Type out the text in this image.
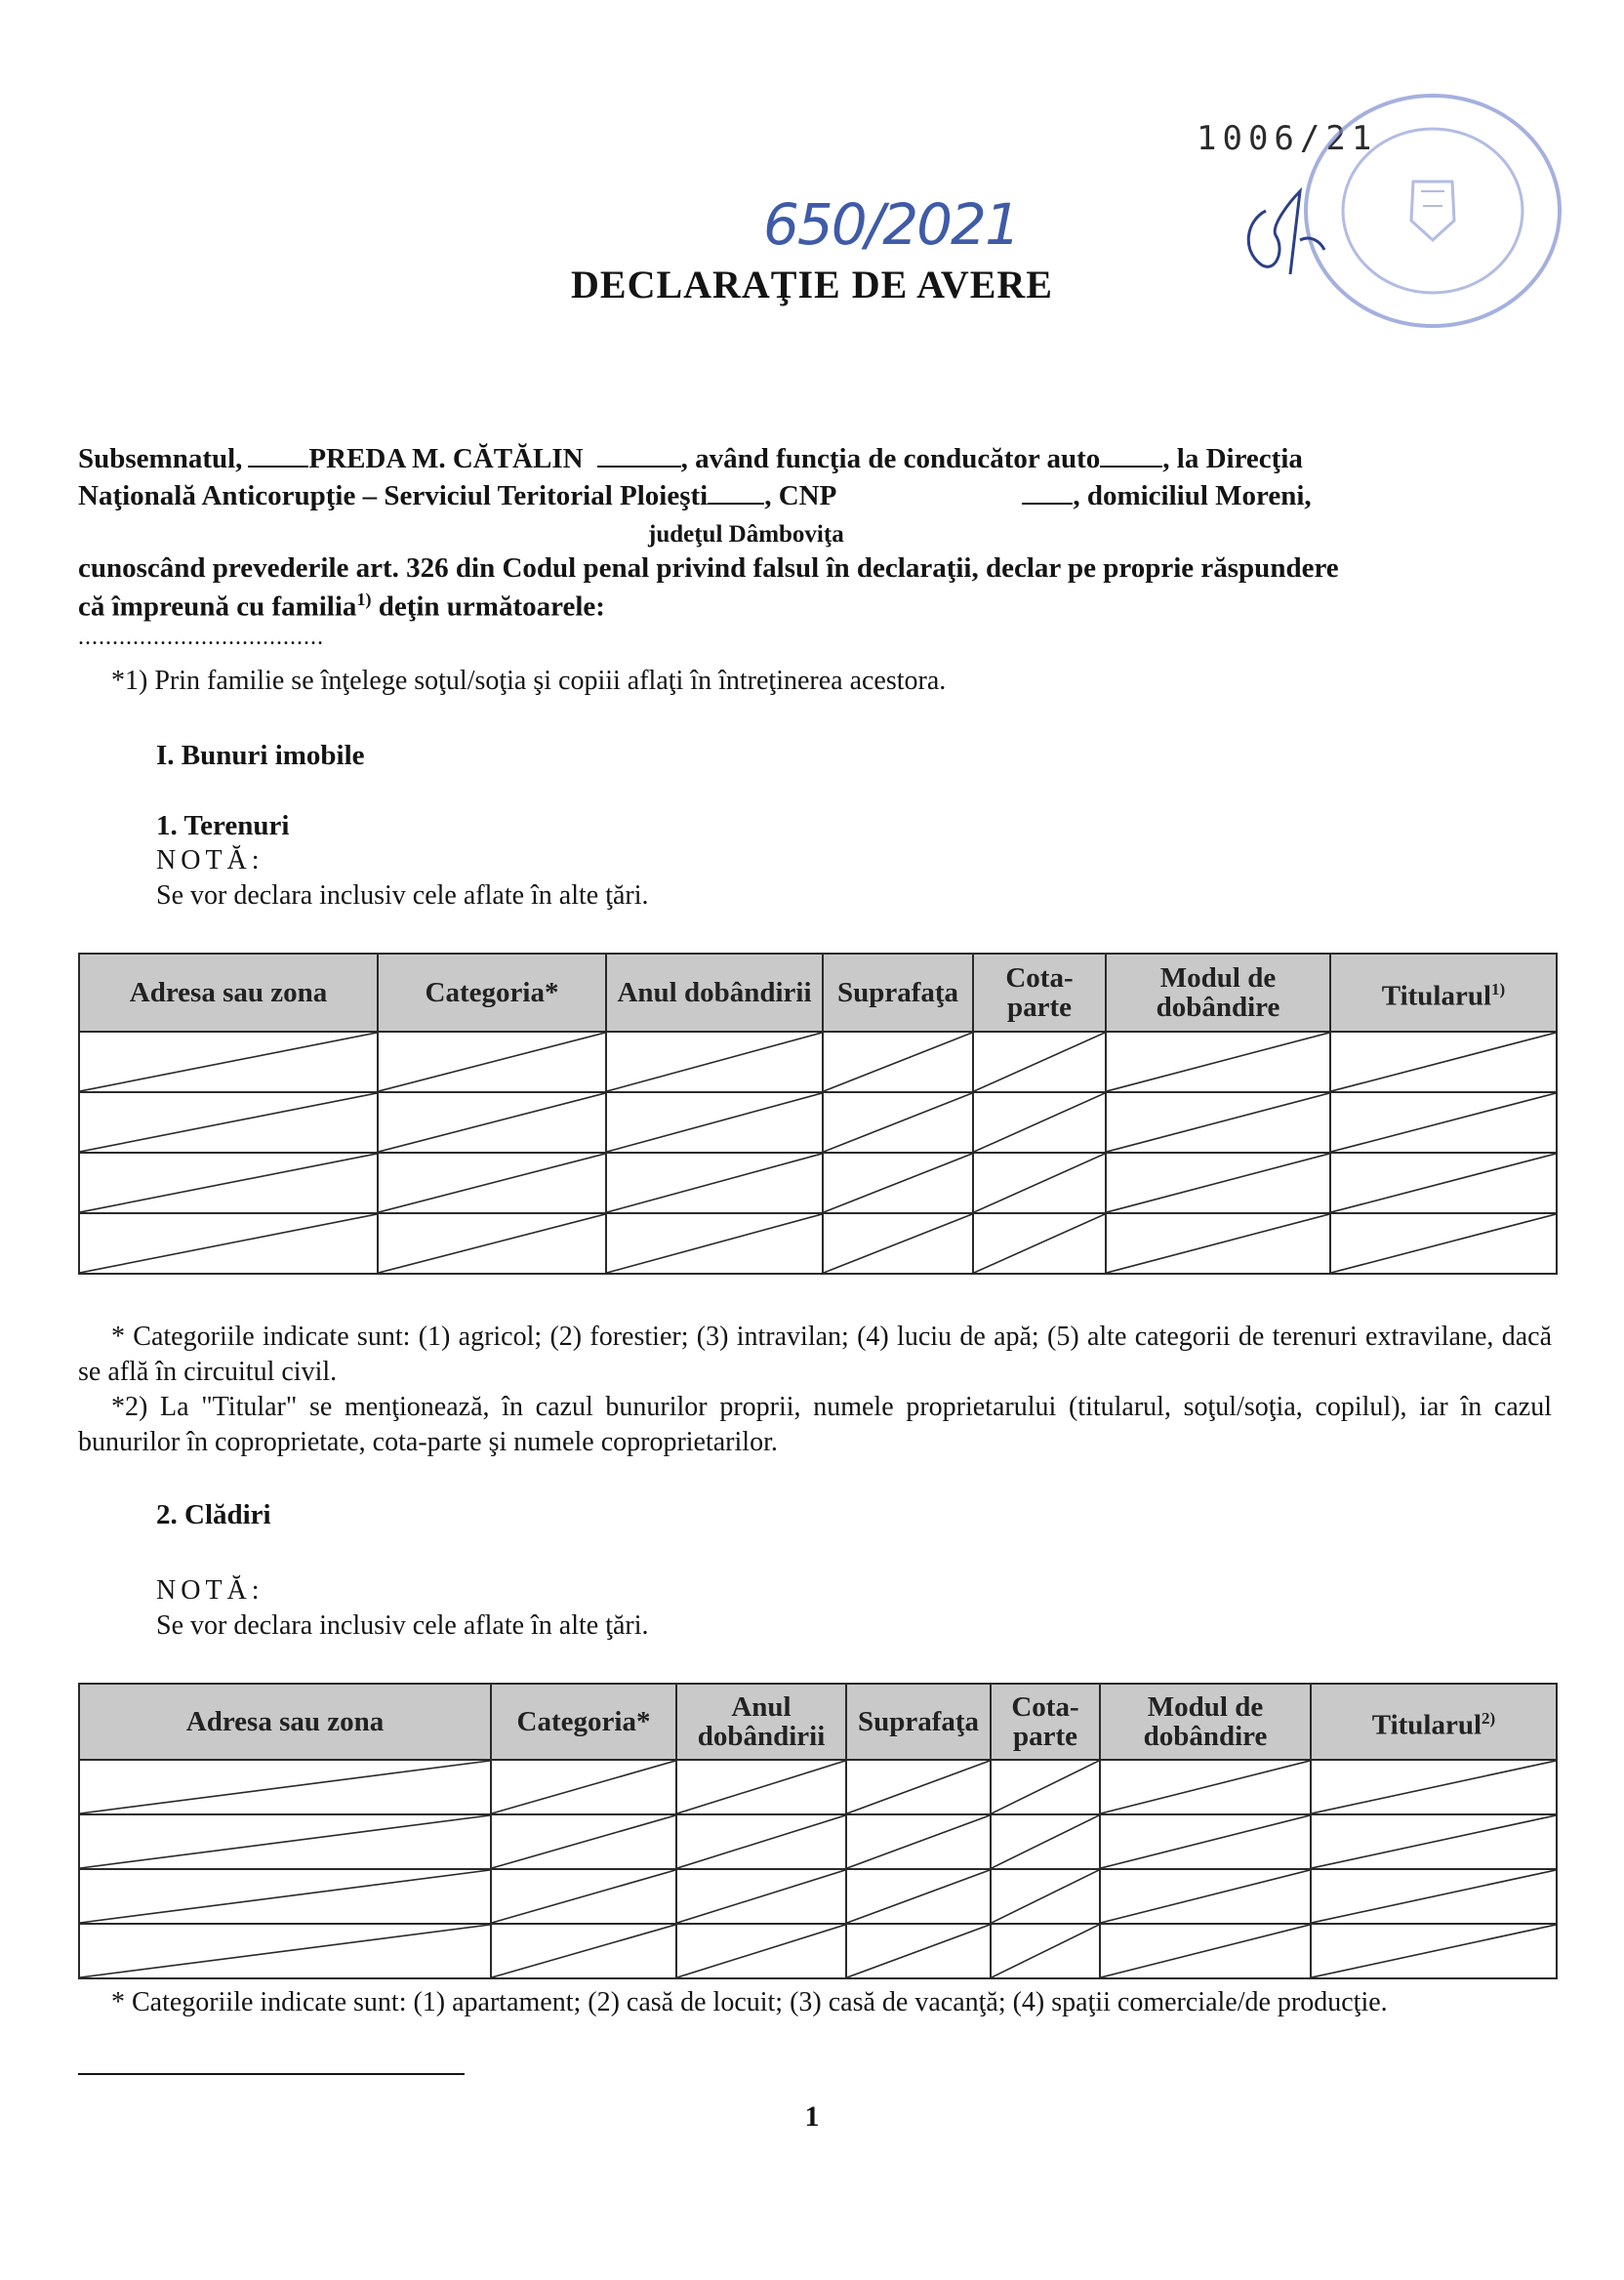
1006/21
650/2021
DECLARAŢIE DE AVERE
Subsemnatul, PREDA M. CĂTĂLIN	, având funcţia de conducător auto , la Direcţia
Naţională Anticorupţie – Serviciul Teritorial Ploieşti , CNP	, domiciliul Moreni,
judeţul Dâmboviţa
cunoscând prevederile art. 326 din Codul penal privind falsul în declaraţii, declar pe proprie răspundere
că împreună cu familia$^{1)}$ deţin următoarele:
....................................
*1) Prin familie se înţelege soţul/soţia şi copiii aflaţi în întreţinerea acestora.
I. Bunuri imobile
1. Terenuri
NOTĂ:
Se vor declara inclusiv cele aflate în alte ţări.
Adresa sau zona	Categoria*	Anul dobândirii	Suprafaţa	Cota-parte	Modul de dobândire	Titularul$^{1)}$

* Categoriile indicate sunt: (1) agricol; (2) forestier; (3) intravilan; (4) luciu de apă; (5) alte categorii de terenuri extravilane, dacă se află în circuitul civil.
*2) La "Titular" se menţionează, în cazul bunurilor proprii, numele proprietarului (titularul, soţul/soţia, copilul), iar în cazul bunurilor în coproprietate, cota-parte şi numele coproprietarilor.
2. Clădiri
NOTĂ:
Se vor declara inclusiv cele aflate în alte ţări.
Adresa sau zona	Categoria*	Anul dobândirii	Suprafaţa	Cota-parte	Modul de dobândire	Titularul$^{2)}$

* Categoriile indicate sunt: (1) apartament; (2) casă de locuit; (3) casă de vacanţă; (4) spaţii comerciale/de producţie.
1
